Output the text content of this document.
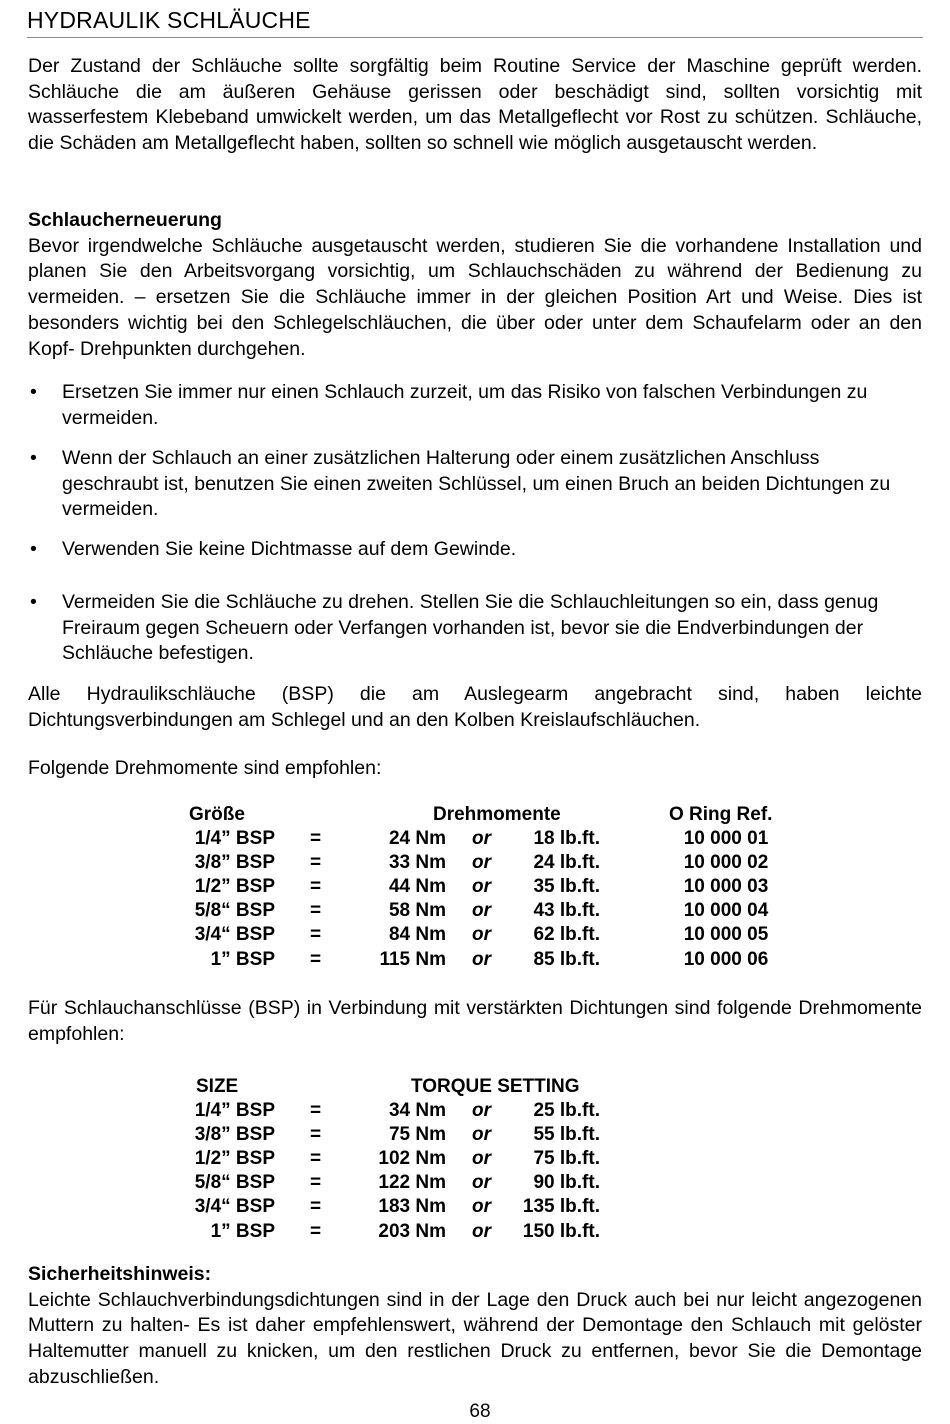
HYDRAULIK SCHLÄUCHE

Der Zustand der Schläuche sollte sorgfältig beim Routine Service der Maschine geprüft werden. Schläuche die am äußeren Gehäuse gerissen oder beschädigt sind, sollten vorsichtig mit wasserfestem Klebeband umwickelt werden, um das Metallgeflecht vor Rost zu schützen. Schläuche, die Schäden am Metallgeflecht haben, sollten so schnell wie möglich ausgetauscht werden.

Schlaucherneuerung
Bevor irgendwelche Schläuche ausgetauscht werden, studieren Sie die vorhandene Installation und planen Sie den Arbeitsvorgang vorsichtig, um Schlauchschäden zu während der Bedienung zu vermeiden. – ersetzen Sie die Schläuche immer in der gleichen Position Art und Weise. Dies ist besonders wichtig bei den Schlegelschläuchen, die über oder unter dem Schaufelarm oder an den Kopf- Drehpunkten durchgehen.

• Ersetzen Sie immer nur einen Schlauch zurzeit, um das Risiko von falschen Verbindungen zu vermeiden.
• Wenn der Schlauch an einer zusätzlichen Halterung oder einem zusätzlichen Anschluss geschraubt ist, benutzen Sie einen zweiten Schlüssel, um einen Bruch an beiden Dichtungen zu vermeiden.
• Verwenden Sie keine Dichtmasse auf dem Gewinde.
• Vermeiden Sie die Schläuche zu drehen. Stellen Sie die Schlauchleitungen so ein, dass genug Freiraum gegen Scheuern oder Verfangen vorhanden ist, bevor sie die Endverbindungen der Schläuche befestigen.

Alle Hydraulikschläuche (BSP) die am Auslegearm angebracht sind, haben leichte Dichtungsverbindungen am Schlegel und an den Kolben Kreislaufschläuchen.

Folgende Drehmomente sind empfohlen:

Größe	Drehmomente	O Ring Ref.
1/4” BSP =	24 Nm or	18 lb.ft.	10 000 01
3/8” BSP =	33 Nm or	24 lb.ft.	10 000 02
1/2” BSP =	44 Nm or	35 lb.ft.	10 000 03
5/8“ BSP =	58 Nm or	43 lb.ft.	10 000 04
3/4“ BSP =	84 Nm or	62 lb.ft.	10 000 05
1” BSP =	115 Nm or	85 lb.ft.	10 000 06

Für Schlauchanschlüsse (BSP) in Verbindung mit verstärkten Dichtungen sind folgende Drehmomente empfohlen:

SIZE	TORQUE SETTING
1/4” BSP =	34 Nm or	25 lb.ft.
3/8” BSP =	75 Nm or	55 lb.ft.
1/2” BSP =	102 Nm or	75 lb.ft.
5/8“ BSP =	122 Nm or	90 lb.ft.
3/4“ BSP =	183 Nm or	135 lb.ft.
1” BSP =	203 Nm or	150 lb.ft.

Sicherheitshinweis:
Leichte Schlauchverbindungsdichtungen sind in der Lage den Druck auch bei nur leicht angezogenen Muttern zu halten- Es ist daher empfehlenswert, während der Demontage den Schlauch mit gelöster Haltemutter manuell zu knicken, um den restlichen Druck zu entfernen, bevor Sie die Demontage abzuschließen.

68
